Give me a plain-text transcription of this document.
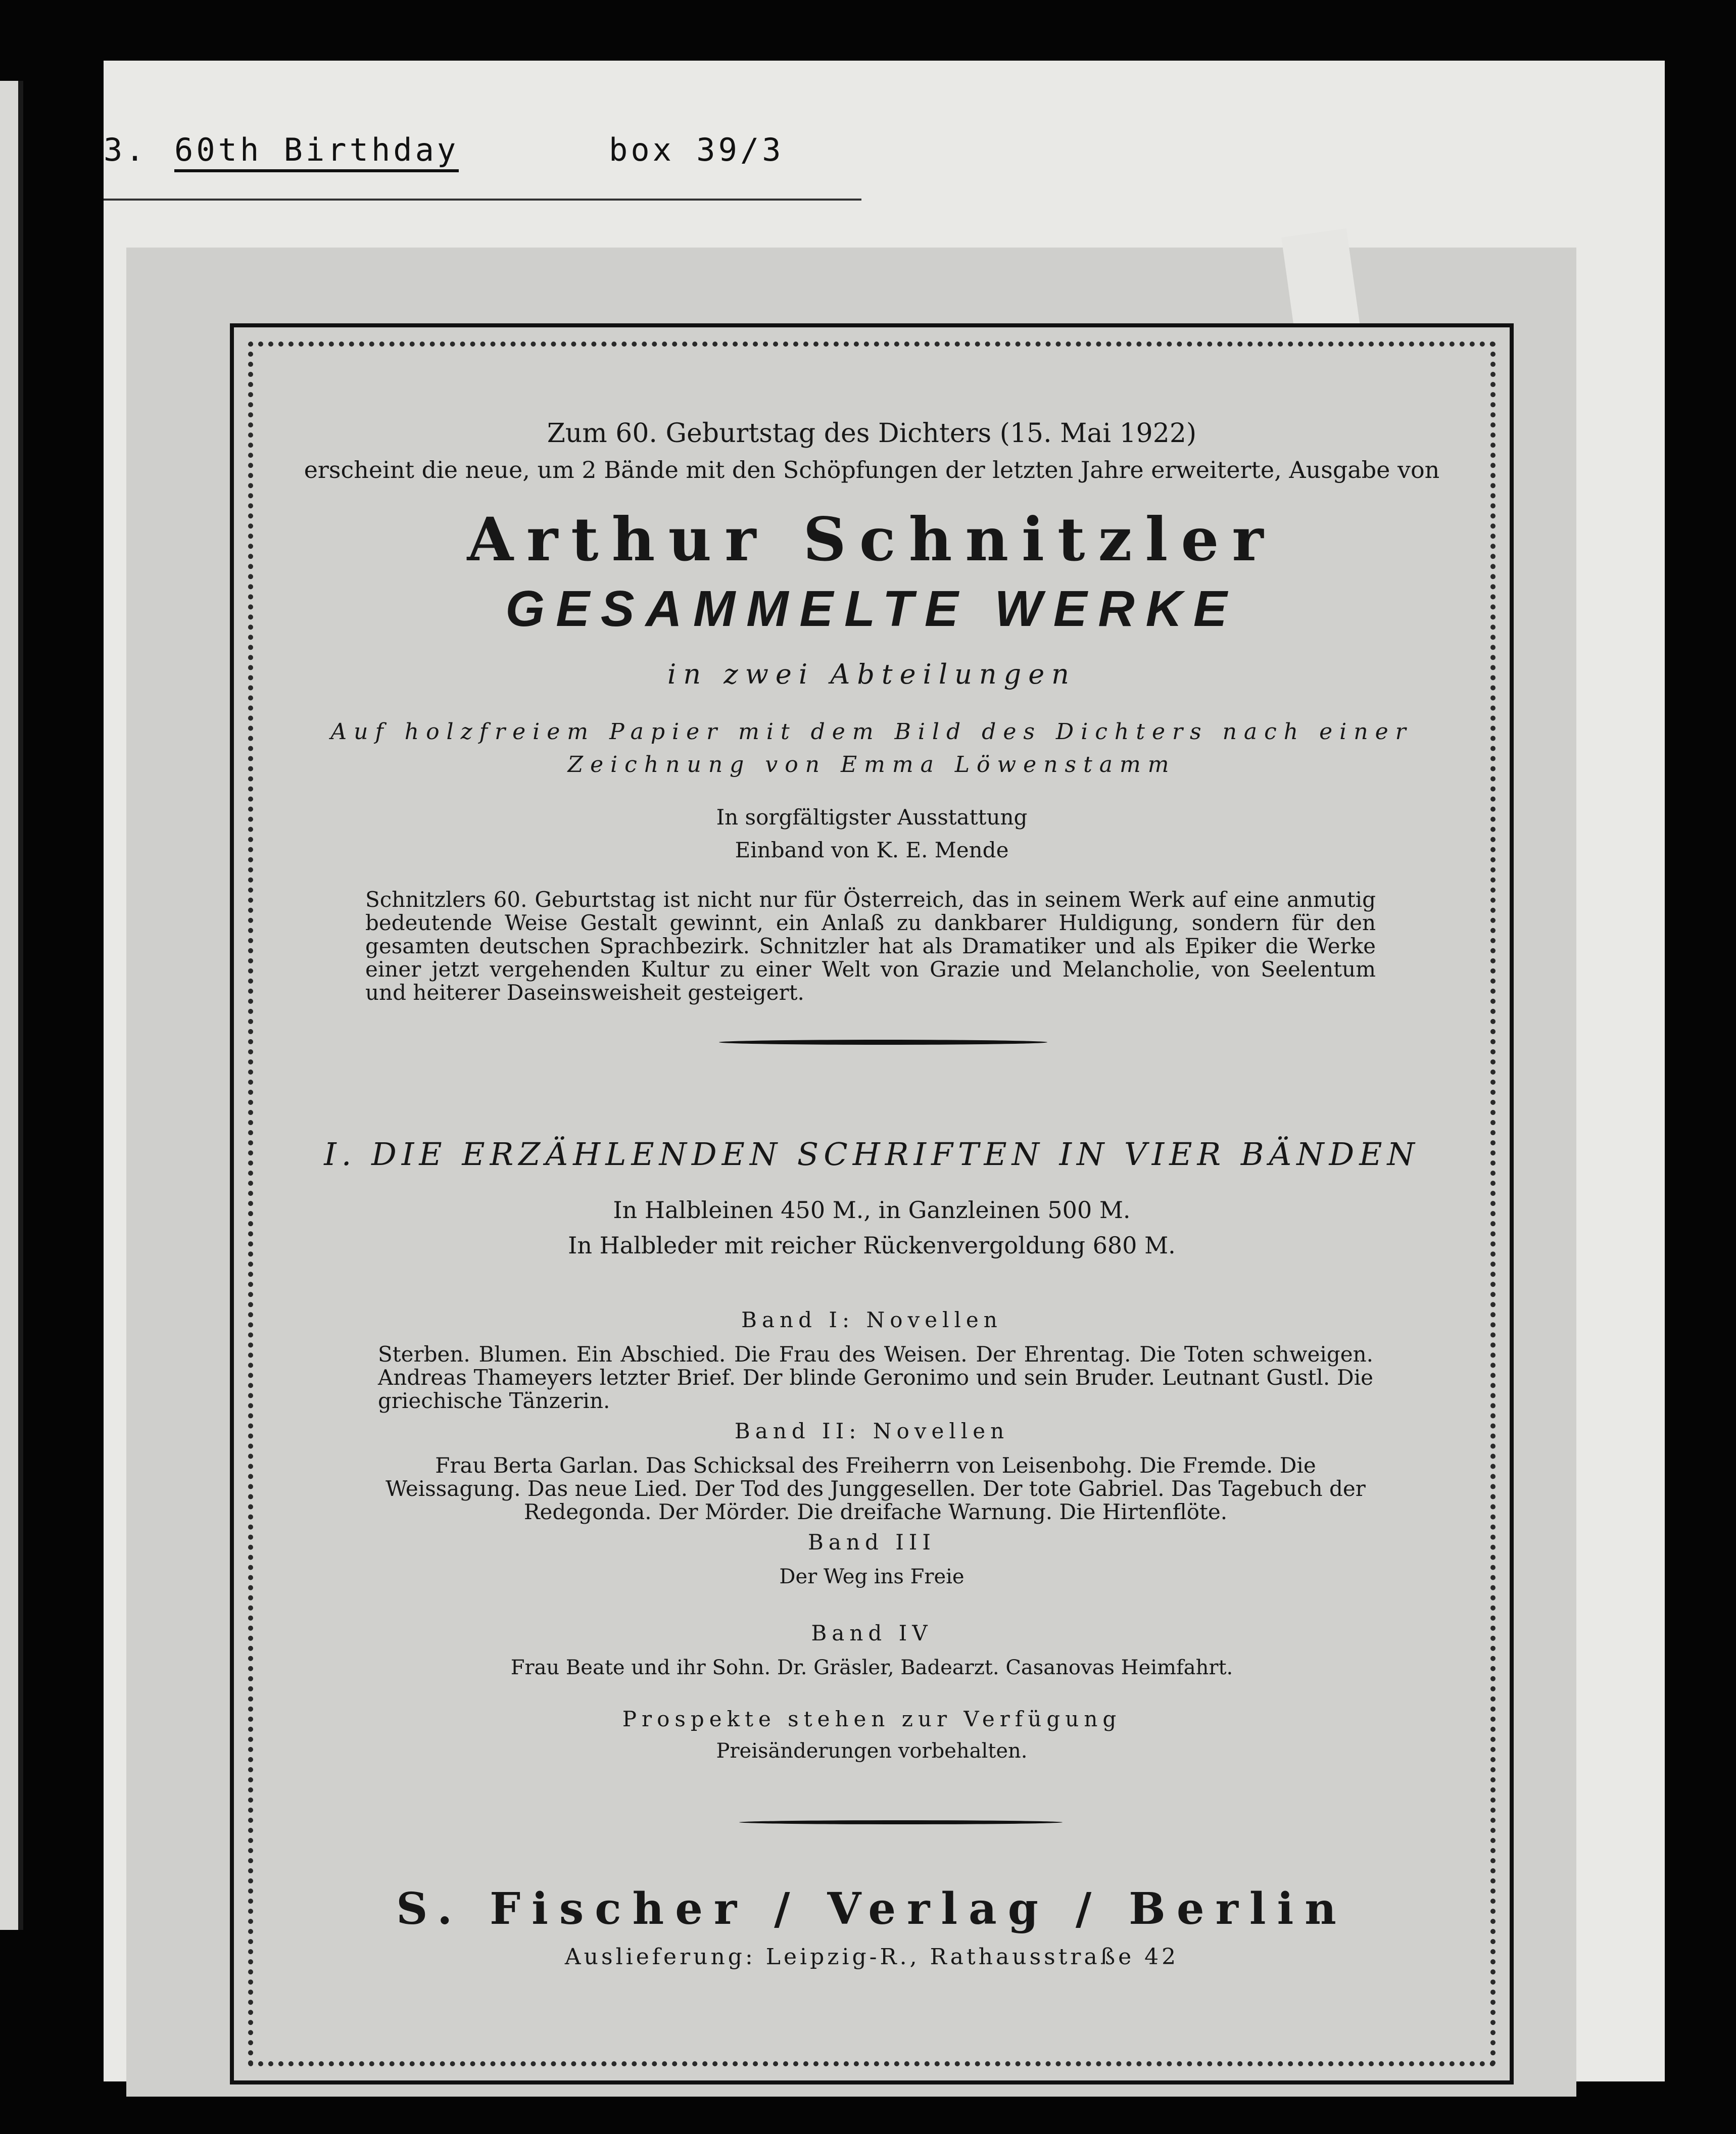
3. 60th Birthday	box 39/3
Zum 60. Geburtstag des Dichters (15. Mai 1922)
erscheint die neue, um 2 Bände mit den Schöpfungen der letzten Jahre erweiterte, Ausgabe von
Arthur Schnitzler
GESAMMELTE WERKE
in zwei Abteilungen
Auf holzfreiem Papier mit dem Bild des Dichters nach einer
Zeichnung von Emma Löwenstamm
In sorgfältigster Ausstattung
Einband von K. E. Mende
Schnitzlers 60. Geburtstag ist nicht nur für Österreich, das in seinem Werk auf eine anmutig bedeutende Weise Gestalt gewinnt, ein Anlaß zu dankbarer Huldigung, sondern für den gesamten deutschen Sprachbezirk. Schnitzler hat als Dramatiker und als Epiker die Werke einer jetzt vergehenden Kultur zu einer Welt von Grazie und Melancholie, von Seelentum und heiterer Daseinsweisheit gesteigert.
I. DIE ERZÄHLENDEN SCHRIFTEN IN VIER BÄNDEN
In Halbleinen 450 M., in Ganzleinen 500 M.
In Halbleder mit reicher Rückenvergoldung 680 M.
Band I: Novellen
Sterben. Blumen. Ein Abschied. Die Frau des Weisen. Der Ehrentag. Die Toten schweigen. Andreas Thameyers letzter Brief. Der blinde Geronimo und sein Bruder. Leutnant Gustl. Die griechische Tänzerin.
Band II: Novellen
Frau Berta Garlan. Das Schicksal des Freiherrn von Leisenbohg. Die Fremde. Die Weissagung. Das neue Lied. Der Tod des Junggesellen. Der tote Gabriel. Das Tagebuch der Redegonda. Der Mörder. Die dreifache Warnung. Die Hirtenflöte.
Band III
Der Weg ins Freie
Band IV
Frau Beate und ihr Sohn. Dr. Gräsler, Badearzt. Casanovas Heimfahrt.
Prospekte stehen zur Verfügung
Preisänderungen vorbehalten.
S. Fischer / Verlag / Berlin
Auslieferung: Leipzig-R., Rathausstraße 42
